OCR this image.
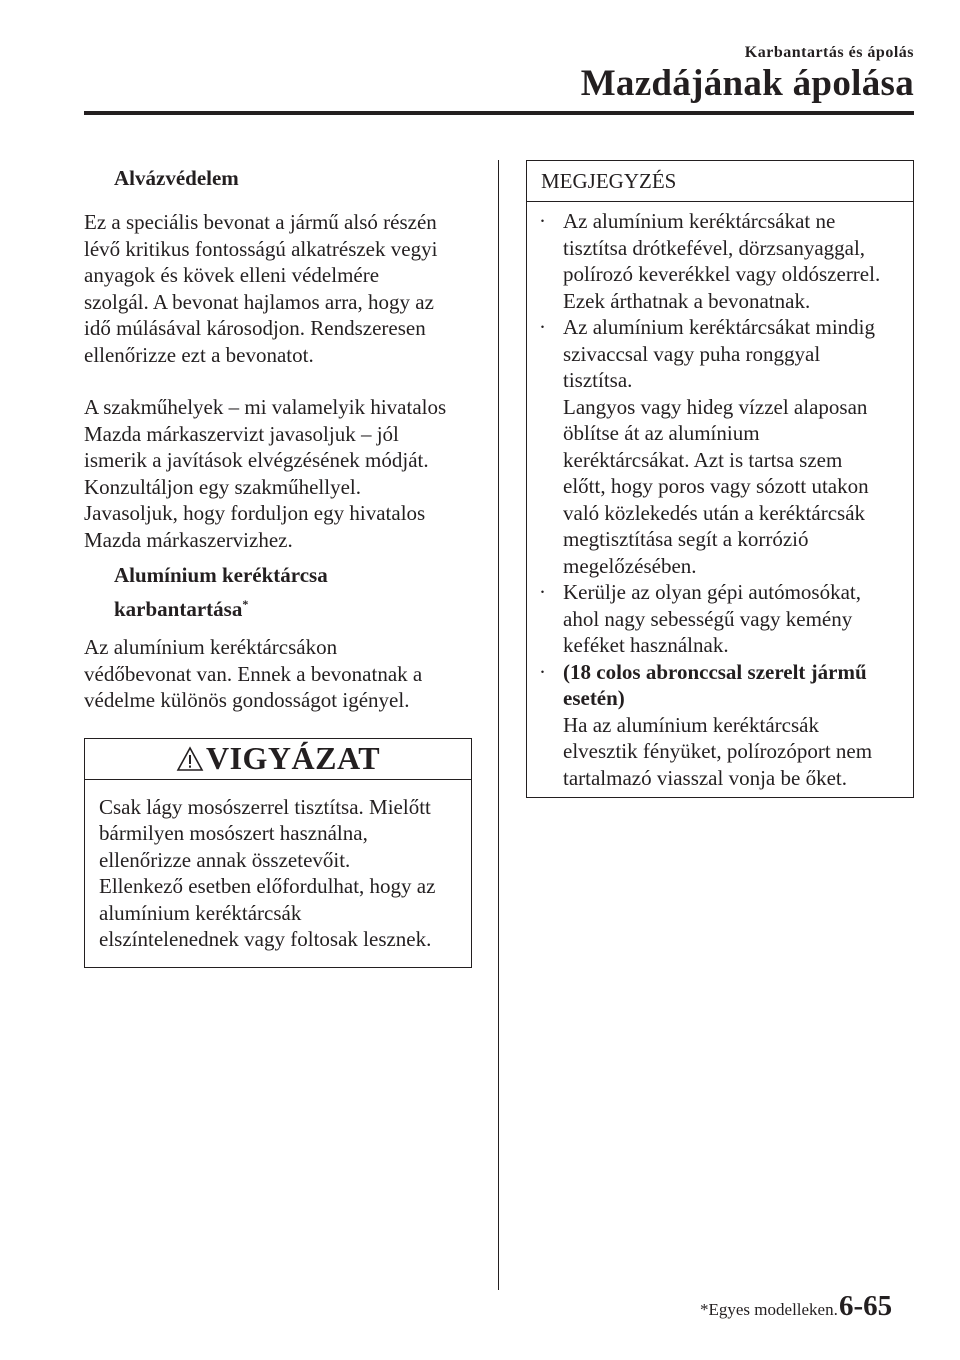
Karbantartás és ápolás
Mazdájának ápolása

Alvázvédelem

Ez a speciális bevonat a jármű alsó részén

lévő kritikus fontosságú alkatrészek vegyi

anyagok és kövek elleni védelmére

szolgál. A bevonat hajlamos arra, hogy az

idő múlásával károsodjon. Rendszeresen

ellenőrizze ezt a bevonatot.

A szakműhelyek – mi valamelyik hivatalos

Mazda márkaszervizt javasoljuk – jól

ismerik a javítások elvégzésének módját.

Konzultáljon egy szakműhellyel.

Javasoljuk, hogy forduljon egy hivatalos

Mazda márkaszervizhez.

Alumínium keréktárcsa

karbantartása*

Az alumínium keréktárcsákon

védőbevonat van. Ennek a bevonatnak a

védelme különös gondosságot igényel.

VIGYÁZAT

Csak lágy mosószerrel tisztítsa. Mielőtt

bármilyen mosószert használna,

ellenőrizze annak összetevőit.

Ellenkező esetben előfordulhat, hogy az

alumínium keréktárcsák

elszíntelenednek vagy foltosak lesznek.

MEGJEGYZÉS
· Az alumínium keréktárcsákat ne
tisztítsa drótkefével, dörzsanyaggal,
polírozó keverékkel vagy oldószerrel.
Ezek árthatnak a bevonatnak.
· Az alumínium keréktárcsákat mindig
szivaccsal vagy puha ronggyal
tisztítsa.
Langyos vagy hideg vízzel alaposan
öblítse át az alumínium
keréktárcsákat. Azt is tartsa szem
előtt, hogy poros vagy sózott utakon
való közlekedés után a keréktárcsák
megtisztítása segít a korrózió
megelőzésében.
· Kerülje az olyan gépi autómosókat,
ahol nagy sebességű vagy kemény
keféket használnak.
· (18 colos abronccsal szerelt jármű
esetén)
Ha az alumínium keréktárcsák
elvesztik fényüket, polírozóport nem
tartalmazó viasszal vonja be őket.
*Egyes modelleken. 6-65
